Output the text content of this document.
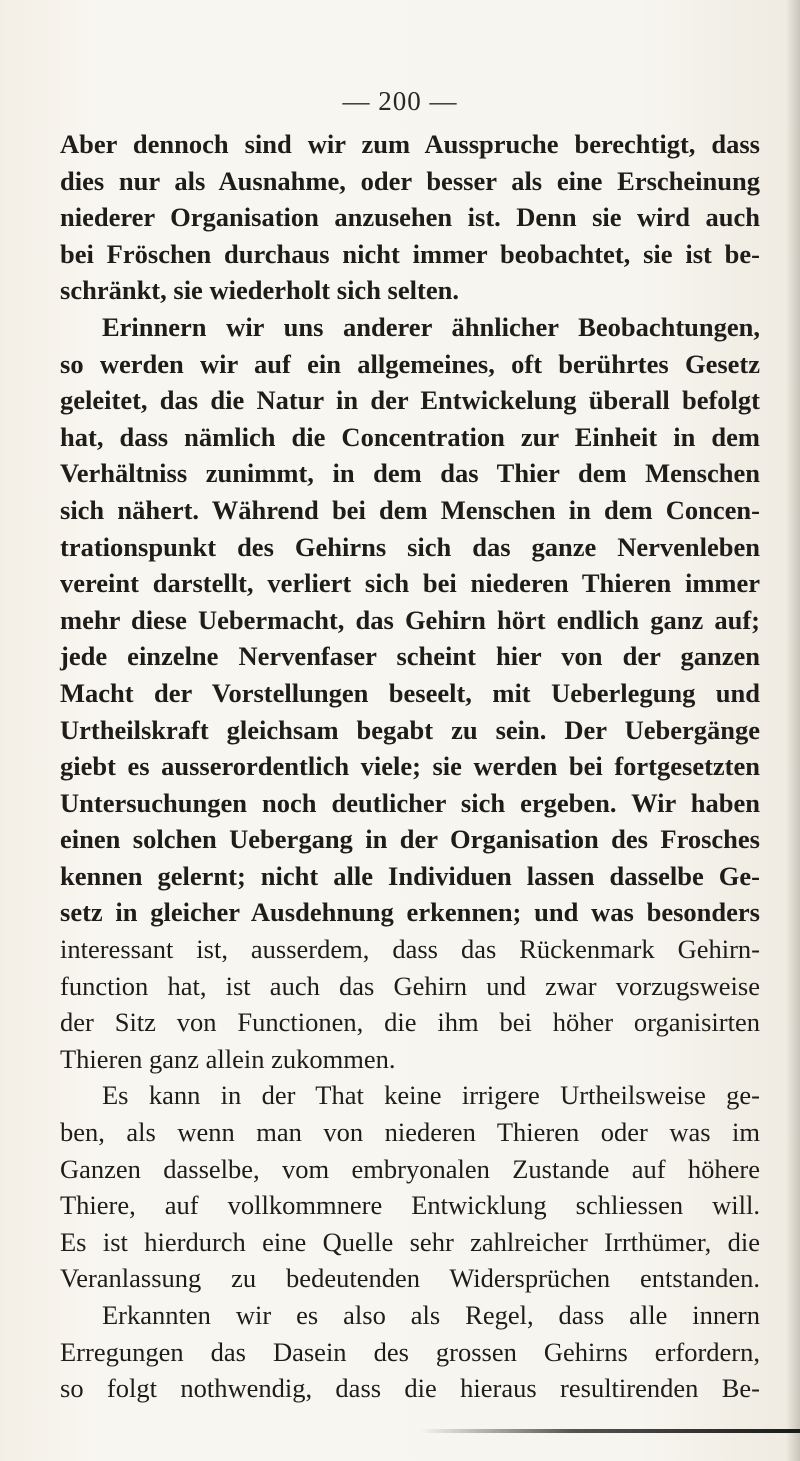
— 200 —
Aber dennoch sind wir zum Ausspruche berechtigt, dass
dies nur als Ausnahme, oder besser als eine Erscheinung
niederer Organisation anzusehen ist. Denn sie wird auch
bei Fröschen durchaus nicht immer beobachtet, sie ist be-
schränkt, sie wiederholt sich selten.
Erinnern wir uns anderer ähnlicher Beobachtungen,
so werden wir auf ein allgemeines, oft berührtes Gesetz
geleitet, das die Natur in der Entwickelung überall befolgt
hat, dass nämlich die Concentration zur Einheit in dem
Verhältniss zunimmt, in dem das Thier dem Menschen
sich nähert. Während bei dem Menschen in dem Concen-
trationspunkt des Gehirns sich das ganze Nervenleben
vereint darstellt, verliert sich bei niederen Thieren immer
mehr diese Uebermacht, das Gehirn hört endlich ganz auf;
jede einzelne Nervenfaser scheint hier von der ganzen
Macht der Vorstellungen beseelt, mit Ueberlegung und
Urtheilskraft gleichsam begabt zu sein. Der Uebergänge
giebt es ausserordentlich viele; sie werden bei fortgesetzten
Untersuchungen noch deutlicher sich ergeben. Wir haben
einen solchen Uebergang in der Organisation des Frosches
kennen gelernt; nicht alle Individuen lassen dasselbe Ge-
setz in gleicher Ausdehnung erkennen; und was besonders
interessant ist, ausserdem, dass das Rückenmark Gehirn-
function hat, ist auch das Gehirn und zwar vorzugsweise
der Sitz von Functionen, die ihm bei höher organisirten
Thieren ganz allein zukommen.
Es kann in der That keine irrigere Urtheilsweise ge-
ben, als wenn man von niederen Thieren oder was im
Ganzen dasselbe, vom embryonalen Zustande auf höhere
Thiere, auf vollkommnere Entwicklung schliessen will.
Es ist hierdurch eine Quelle sehr zahlreicher Irrthümer, die
Veranlassung zu bedeutenden Widersprüchen entstanden.
Erkannten wir es also als Regel, dass alle innern
Erregungen das Dasein des grossen Gehirns erfordern,
so folgt nothwendig, dass die hieraus resultirenden Be-
